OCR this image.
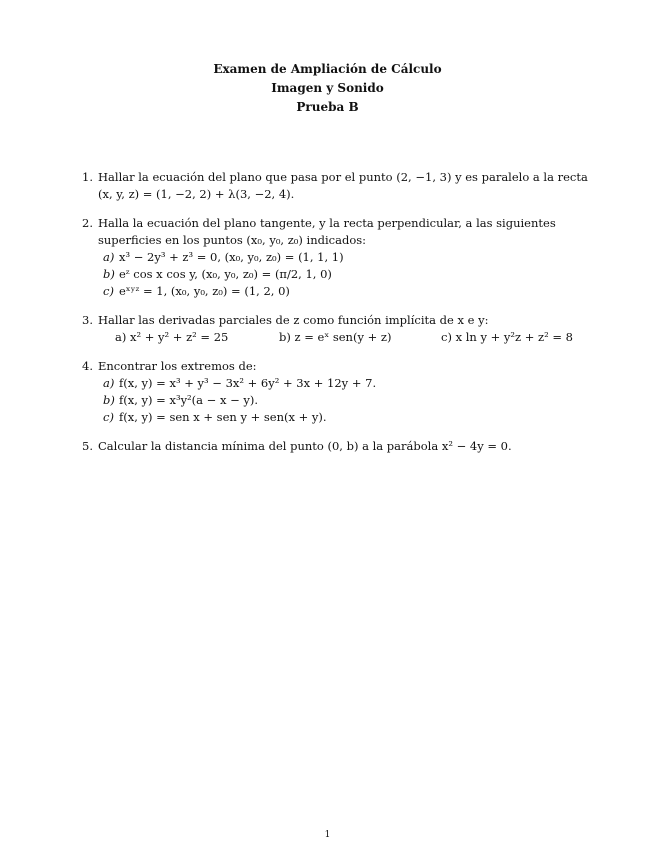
Examen de Ampliación de Cálculo
Imagen y Sonido
Prueba B
1. Hallar la ecuación del plano que pasa por el punto (2, −1, 3) y es paralelo a la recta
(x, y, z) = (1, −2, 2) + λ(3, −2, 4).
2. Halla la ecuación del plano tangente, y la recta perpendicular, a las siguientes
superficies en los puntos (x₀, y₀, z₀) indicados:
a) x³ − 2y³ + z³ = 0, (x₀, y₀, z₀) = (1, 1, 1)
b) eᶻ cos x cos y, (x₀, y₀, z₀) = (π/2, 1, 0)
c) eˣʸᶻ = 1, (x₀, y₀, z₀) = (1, 2, 0)
3. Hallar las derivadas parciales de z como función implícita de x e y:
a) x² + y² + z² = 25	b) z = eˣ sen(y + z)	c) x ln y + y²z + z² = 8
4. Encontrar los extremos de:
a) f(x, y) = x³ + y³ − 3x² + 6y² + 3x + 12y + 7.
b) f(x, y) = x³y²(a − x − y).
c) f(x, y) = sen x + sen y + sen(x + y).
5. Calcular la distancia mínima del punto (0, b) a la parábola x² − 4y = 0.
1
